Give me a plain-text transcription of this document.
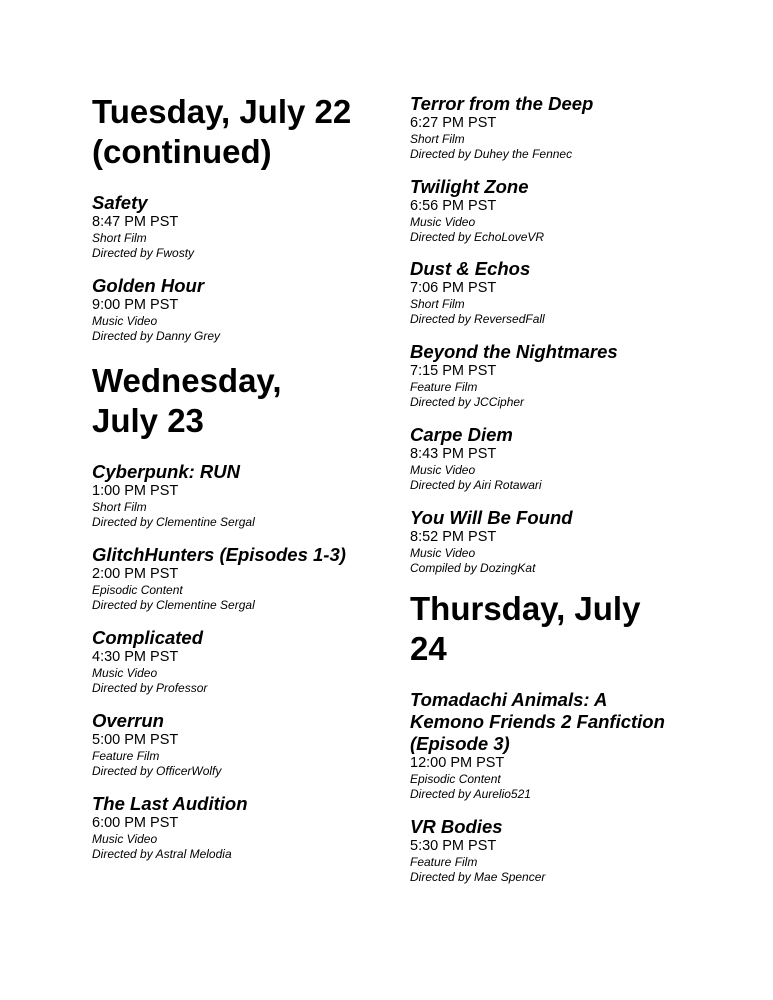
Tuesday, July 22
(continued)
Safety
8:47 PM PST
Short Film
Directed by Fwosty
Golden Hour
9:00 PM PST
Music Video
Directed by Danny Grey
Wednesday,
July 23
Cyberpunk: RUN
1:00 PM PST
Short Film
Directed by Clementine Sergal
GlitchHunters (Episodes 1-3)
2:00 PM PST
Episodic Content
Directed by Clementine Sergal
Complicated
4:30 PM PST
Music Video
Directed by Professor
Overrun
5:00 PM PST
Feature Film
Directed by OfficerWolfy
The Last Audition
6:00 PM PST
Music Video
Directed by Astral Melodia
Terror from the Deep
6:27 PM PST
Short Film
Directed by Duhey the Fennec
Twilight Zone
6:56 PM PST
Music Video
Directed by EchoLoveVR
Dust & Echos
7:06 PM PST
Short Film
Directed by ReversedFall
Beyond the Nightmares
7:15 PM PST
Feature Film
Directed by JCCipher
Carpe Diem
8:43 PM PST
Music Video
Directed by Airi Rotawari
You Will Be Found
8:52 PM PST
Music Video
Compiled by DozingKat
Thursday, July
24
Tomadachi Animals: A
Kemono Friends 2 Fanfiction
(Episode 3)
12:00 PM PST
Episodic Content
Directed by Aurelio521
VR Bodies
5:30 PM PST
Feature Film
Directed by Mae Spencer
